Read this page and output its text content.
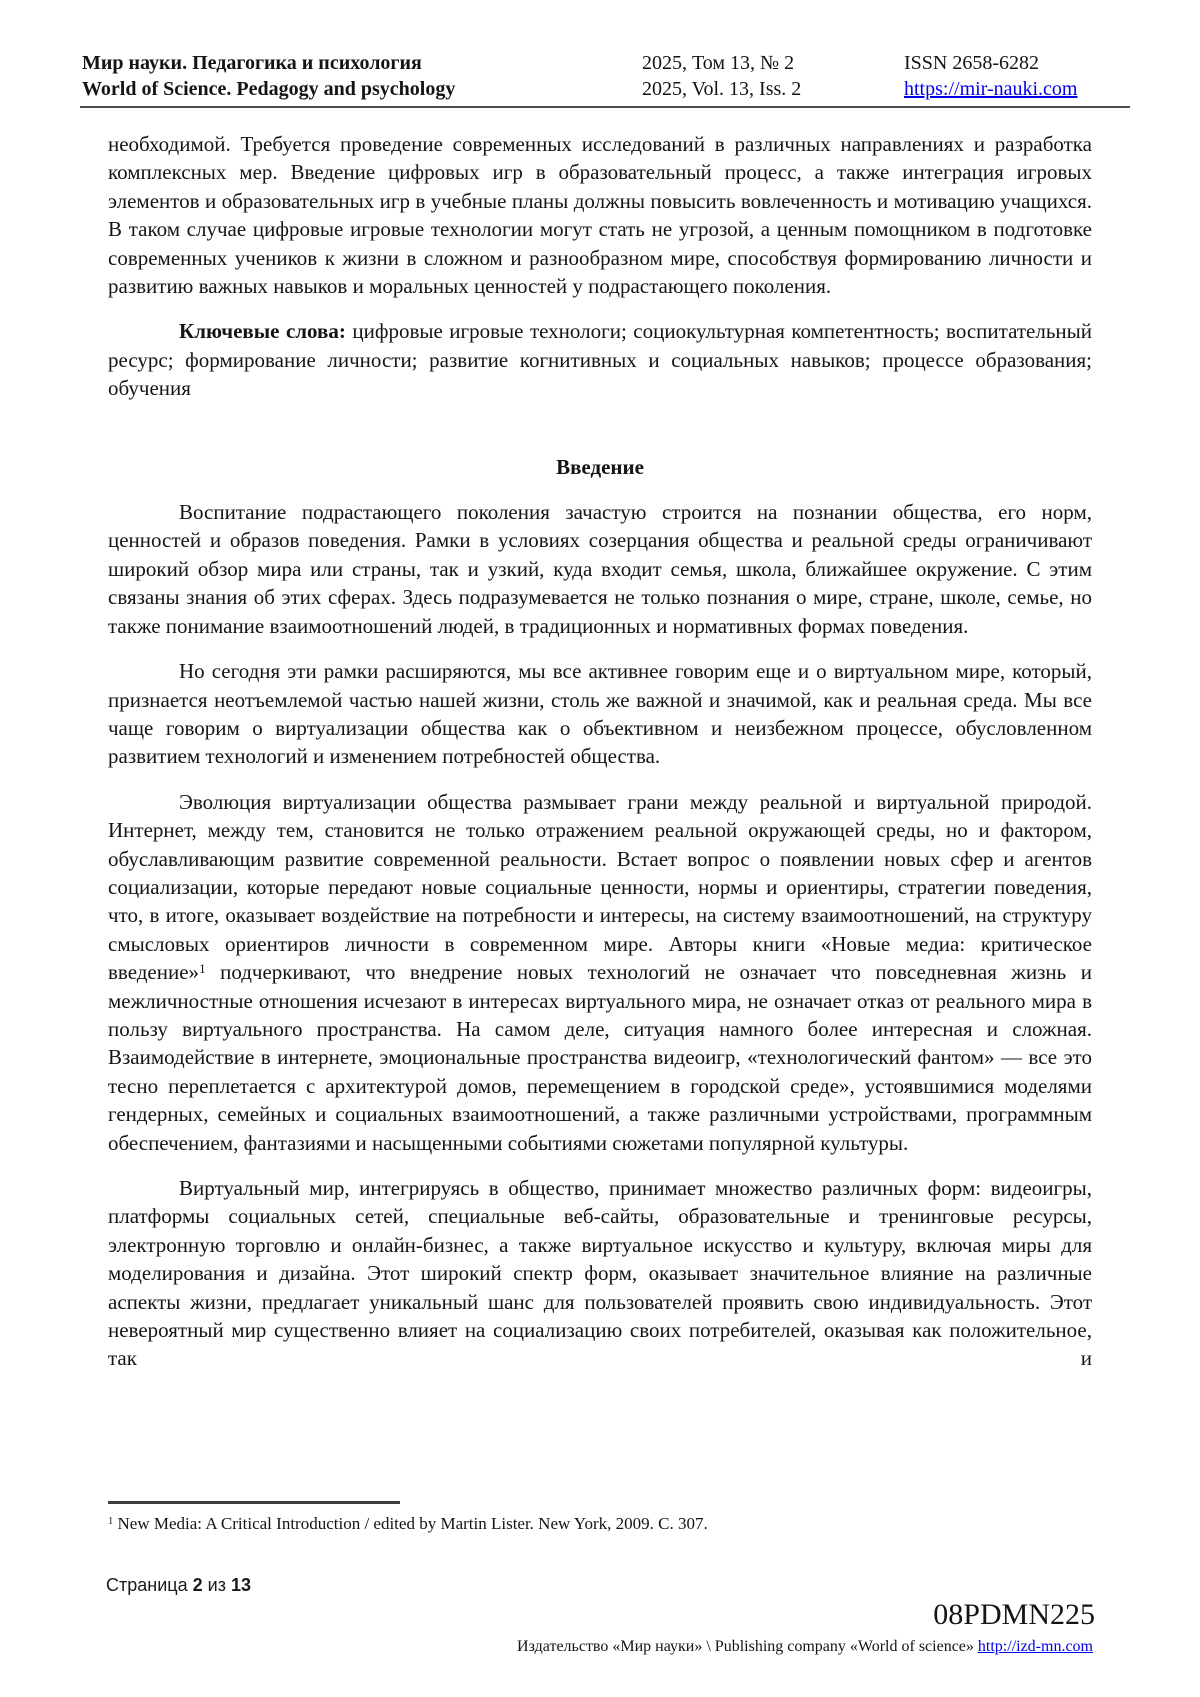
Мир науки. Педагогика и психология
World of Science. Pedagogy and psychology
2025, Том 13, № 2
2025, Vol. 13, Iss. 2
ISSN 2658-6282
https://mir-nauki.com

необходимой. Требуется проведение современных исследований в различных направлениях и разработка комплексных мер. Введение цифровых игр в образовательный процесс, а также интеграция игровых элементов и образовательных игр в учебные планы должны повысить вовлеченность и мотивацию учащихся. В таком случае цифровые игровые технологии могут стать не угрозой, а ценным помощником в подготовке современных учеников к жизни в сложном и разнообразном мире, способствуя формированию личности и развитию важных навыков и моральных ценностей у подрастающего поколения.

Ключевые слова: цифровые игровые технологи; социокультурная компетентность; воспитательный ресурс; формирование личности; развитие когнитивных и социальных навыков; процессе образования; обучения

Введение

Воспитание подрастающего поколения зачастую строится на познании общества, его норм, ценностей и образов поведения. Рамки в условиях созерцания общества и реальной среды ограничивают широкий обзор мира или страны, так и узкий, куда входит семья, школа, ближайшее окружение. С этим связаны знания об этих сферах. Здесь подразумевается не только познания о мире, стране, школе, семье, но также понимание взаимоотношений людей, в традиционных и нормативных формах поведения.

Но сегодня эти рамки расширяются, мы все активнее говорим еще и о виртуальном мире, который, признается неотъемлемой частью нашей жизни, столь же важной и значимой, как и реальная среда. Мы все чаще говорим о виртуализации общества как о объективном и неизбежном процессе, обусловленном развитием технологий и изменением потребностей общества.

Эволюция виртуализации общества размывает грани между реальной и виртуальной природой. Интернет, между тем, становится не только отражением реальной окружающей среды, но и фактором, обуславливающим развитие современной реальности. Встает вопрос о появлении новых сфер и агентов социализации, которые передают новые социальные ценности, нормы и ориентиры, стратегии поведения, что, в итоге, оказывает воздействие на потребности и интересы, на систему взаимоотношений, на структуру смысловых ориентиров личности в современном мире. Авторы книги «Новые медиа: критическое введение»$^1$ подчеркивают, что внедрение новых технологий не означает что повседневная жизнь и межличностные отношения исчезают в интересах виртуального мира, не означает отказ от реального мира в пользу виртуального пространства. На самом деле, ситуация намного более интересная и сложная. Взаимодействие в интернете, эмоциональные пространства видеоигр, «технологический фантом» — все это тесно переплетается с архитектурой домов, перемещением в городской среде», устоявшимися моделями гендерных, семейных и социальных взаимоотношений, а также различными устройствами, программным обеспечением, фантазиями и насыщенными событиями сюжетами популярной культуры.

Виртуальный мир, интегрируясь в общество, принимает множество различных форм: видеоигры, платформы социальных сетей, специальные веб-сайты, образовательные и тренинговые ресурсы, электронную торговлю и онлайн-бизнес, а также виртуальное искусство и культуру, включая миры для моделирования и дизайна. Этот широкий спектр форм, оказывает значительное влияние на различные аспекты жизни, предлагает уникальный шанс для пользователей проявить свою индивидуальность. Этот невероятный мир существенно влияет на социализацию своих потребителей, оказывая как положительное, так и

$^1$ New Media: A Critical Introduction / edited by Martin Lister. New York, 2009. C. 307.

Страница 2 из 13
08PDMN225
Издательство «Мир науки» \ Publishing company «World of science» http://izd-mn.com
